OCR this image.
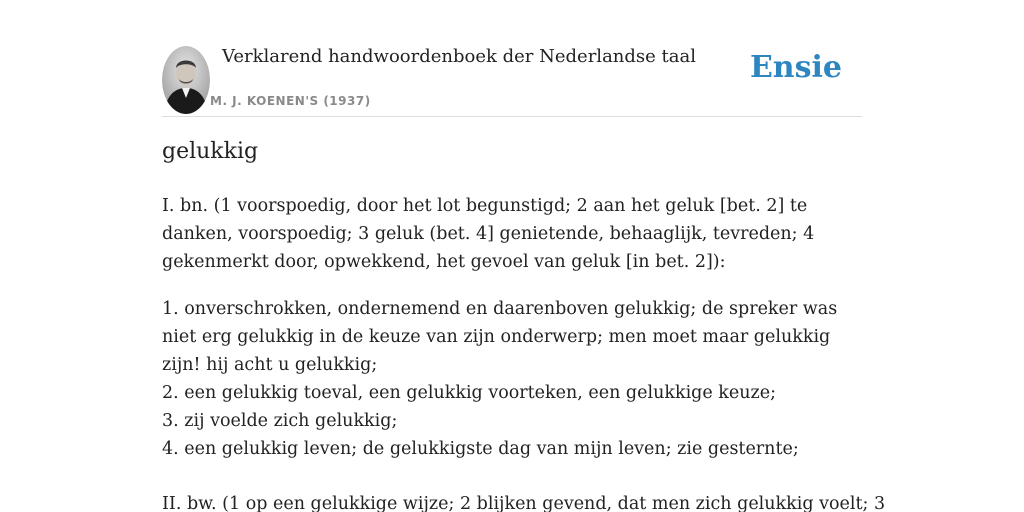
Verklarend handwoordenboek der Nederlandse taal
M. J. KOENEN'S (1937)
Ensie
gelukkig

I. bn. (1 voorspoedig, door het lot begunstigd; 2 aan het geluk [bet. 2] te danken, voorspoedig; 3 geluk (bet. 4] genietende, behaaglijk, tevreden; 4 gekenmerkt door, opwekkend, het gevoel van geluk [in bet. 2]):

1. onverschrokken, ondernemend en daarenboven gelukkig; de spreker was niet erg gelukkig in de keuze van zijn onderwerp; men moet maar gelukkig zijn! hij acht u gelukkig;
2. een gelukkig toeval, een gelukkig voorteken, een gelukkige keuze;
3. zij voelde zich gelukkig;
4. een gelukkig leven; de gelukkigste dag van mijn leven; zie gesternte;

II. bw. (1 op een gelukkige wijze; 2 blijken gevend, dat men zich gelukkig voelt; 3
